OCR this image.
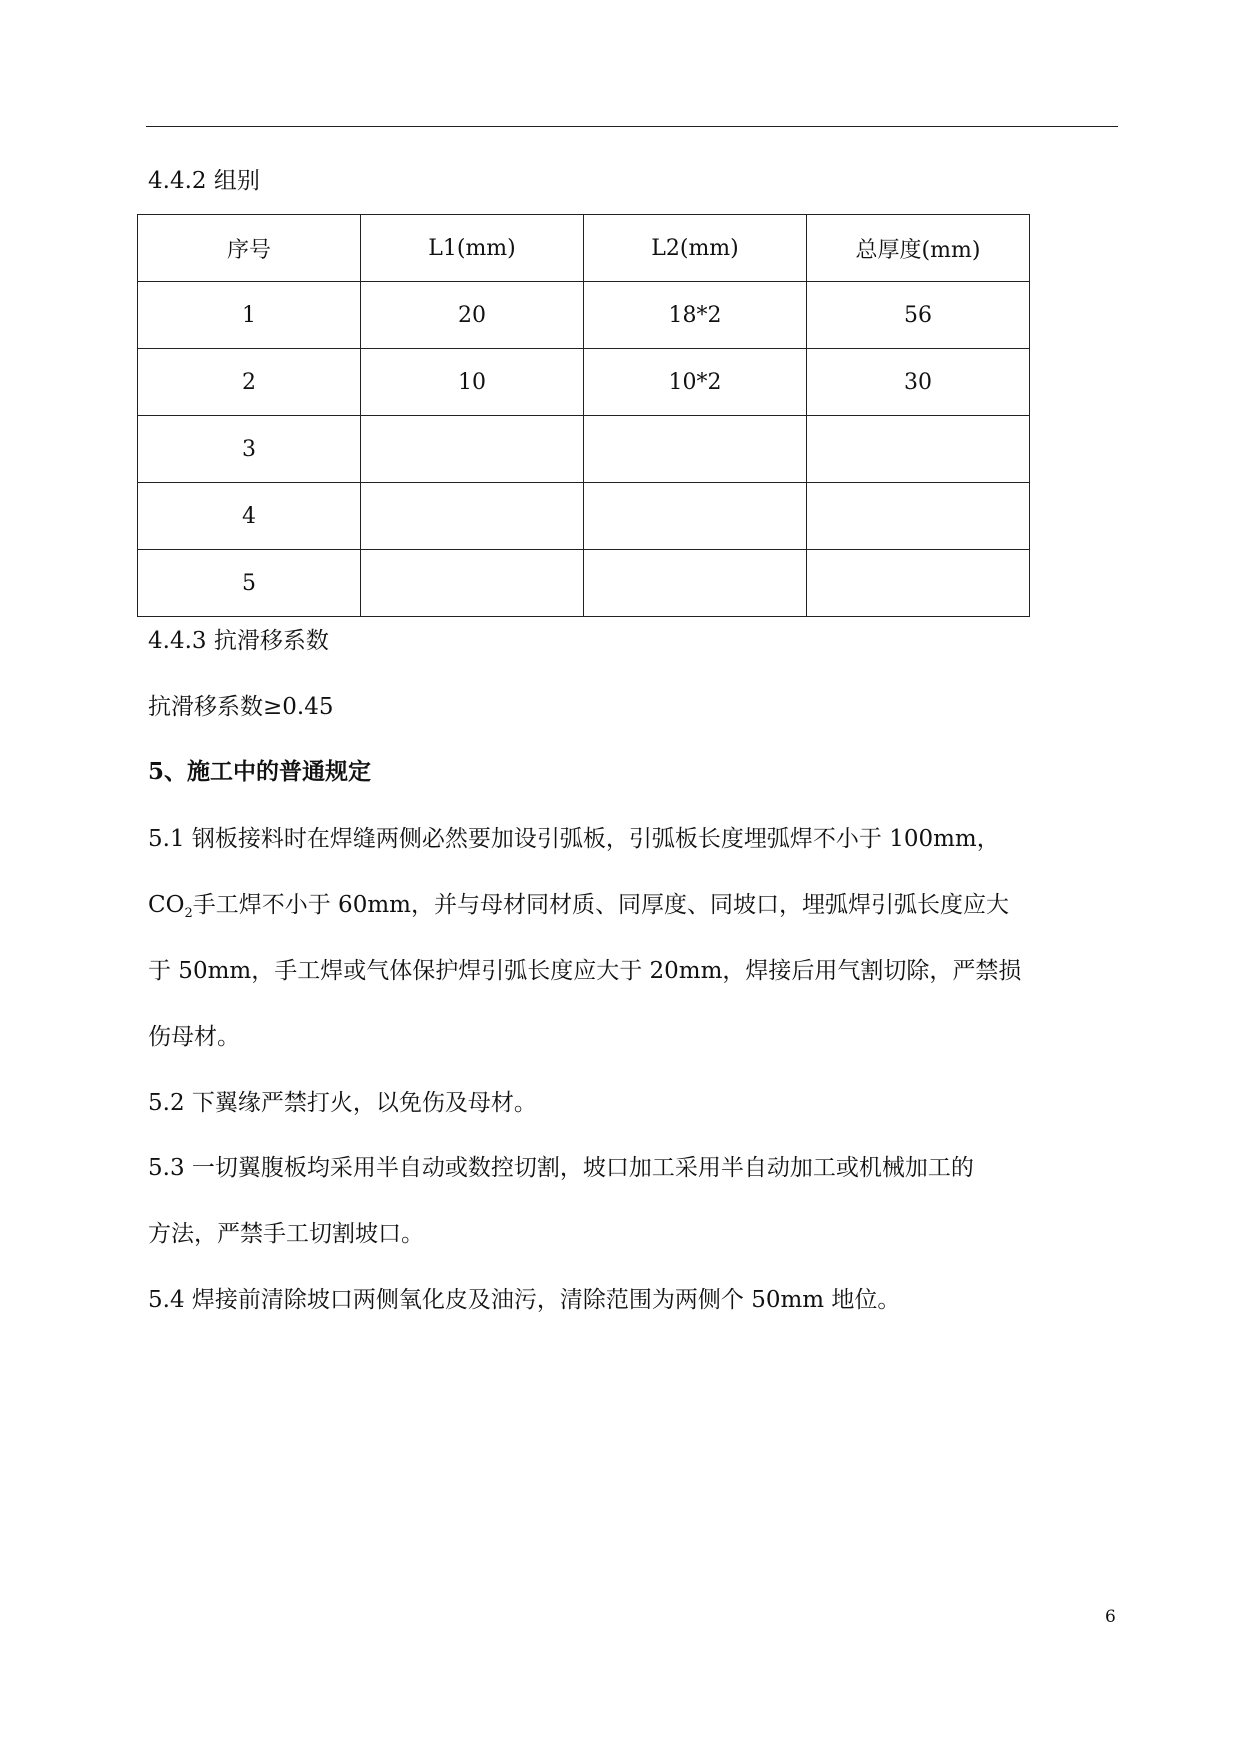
4.4.2 组别
序号	L1(mm)	L2(mm)	总厚度(mm)
1	20	18*2	56
2	10	10*2	30
3			
4			
5			
4.4.3 抗滑移系数
抗滑移系数≥0.45
5、施工中的普通规定
5.1 钢板接料时在焊缝两侧必然要加设引弧板，引弧板长度埋弧焊不小于 100mm，
$CO_2$手工焊不小于 60mm，并与母材同材质、同厚度、同坡口，埋弧焊引弧长度应大
于 50mm，手工焊或气体保护焊引弧长度应大于 20mm，焊接后用气割切除，严禁损
伤母材。
5.2 下翼缘严禁打火，以免伤及母材。
5.3 一切翼腹板均采用半自动或数控切割，坡口加工采用半自动加工或机械加工的
方法，严禁手工切割坡口。
5.4 焊接前清除坡口两侧氧化皮及油污，清除范围为两侧个 50mm 地位。
6
